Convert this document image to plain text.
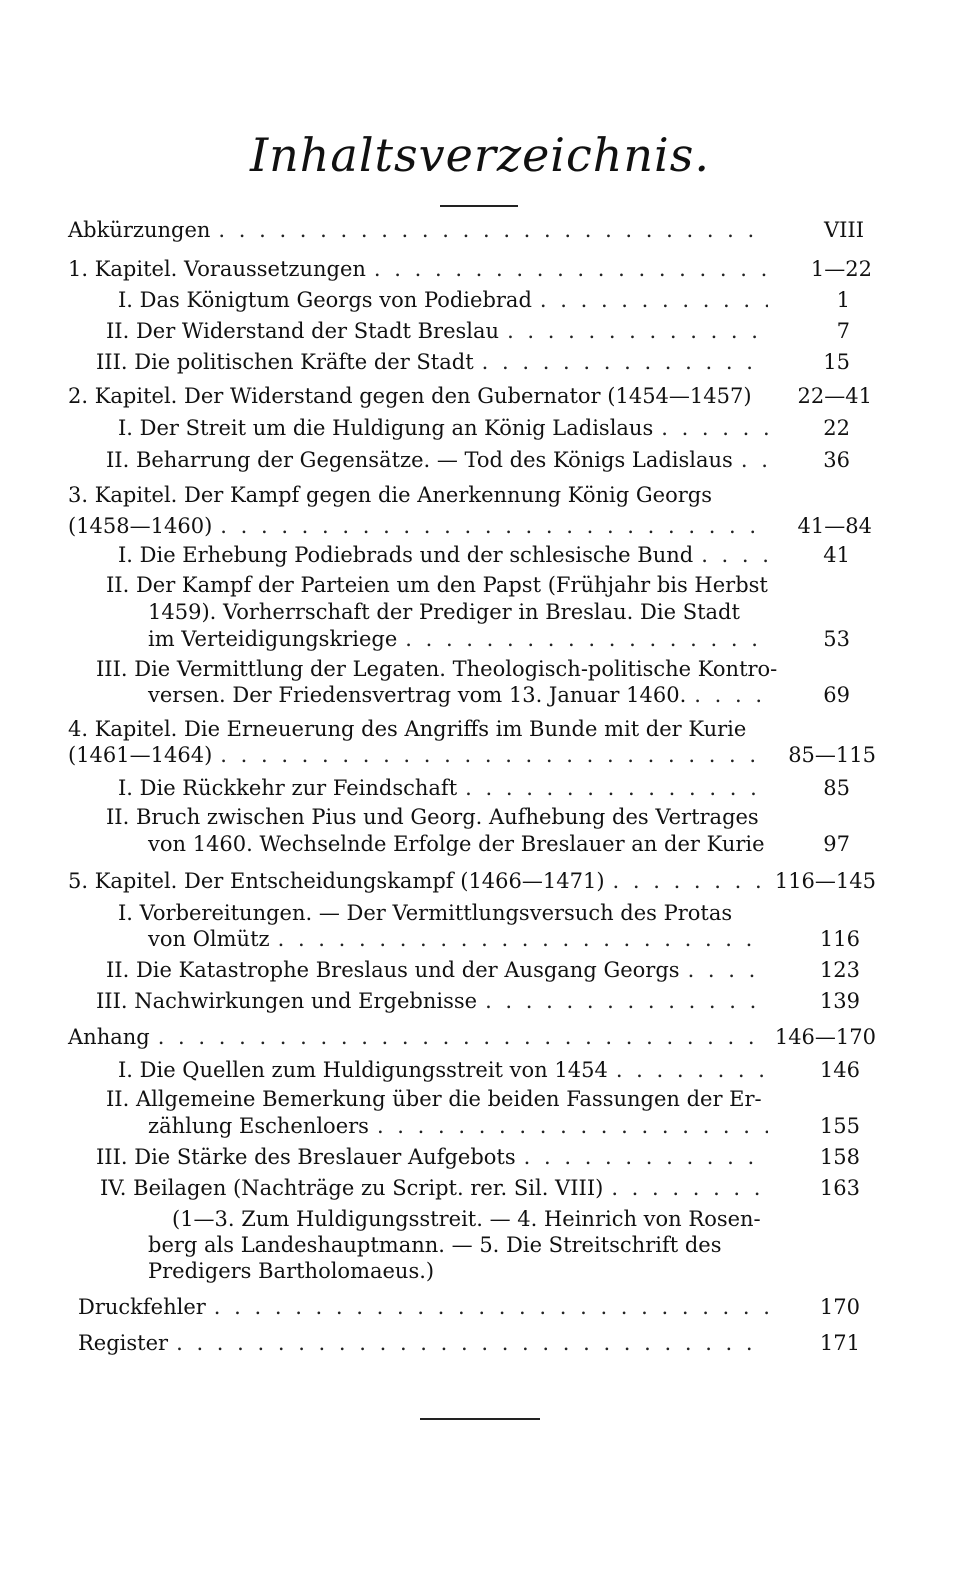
Inhaltsverzeichnis.
Abkürzungen . . .	VIII
1. Kapitel. Voraussetzungen . . .	1—22
I. Das Königtum Georgs von Podiebrad . . .	1
II. Der Widerstand der Stadt Breslau . . .	7
III. Die politischen Kräfte der Stadt . . .	15
2. Kapitel. Der Widerstand gegen den Gubernator (1454—1457) 22—41
I. Der Streit um die Huldigung an König Ladislaus . . .	22
II. Beharrung der Gegensätze. — Tod des Königs Ladislaus . . .	36
3. Kapitel. Der Kampf gegen die Anerkennung König Georgs
(1458—1460) . . .	41—84
I. Die Erhebung Podiebrads und der schlesische Bund . . .	41
II. Der Kampf der Parteien um den Papst (Frühjahr bis Herbst
1459). Vorherrschaft der Prediger in Breslau. Die Stadt
im Verteidigungskriege . . .	53
III. Die Vermittlung der Legaten. Theologisch-politische Kontro-
versen. Der Friedensvertrag vom 13. Januar 1460. . . .	69
4. Kapitel. Die Erneuerung des Angriffs im Bunde mit der Kurie
(1461—1464) . . .	85—115
I. Die Rückkehr zur Feindschaft . . .	85
II. Bruch zwischen Pius und Georg. Aufhebung des Vertrages
von 1460. Wechselnde Erfolge der Breslauer an der Kurie	97
5. Kapitel. Der Entscheidungskampf (1466—1471) . . .	116—145
I. Vorbereitungen. — Der Vermittlungsversuch des Protas
von Olmütz . . .	116
II. Die Katastrophe Breslaus und der Ausgang Georgs . . .	123
III. Nachwirkungen und Ergebnisse . . .	139
Anhang . . .	146—170
I. Die Quellen zum Huldigungsstreit von 1454 . . .	146
II. Allgemeine Bemerkung über die beiden Fassungen der Er-
zählung Eschenloers . . .	155
III. Die Stärke des Breslauer Aufgebots . . .	158
IV. Beilagen (Nachträge zu Script. rer. Sil. VIII) . . .	163
(1—3. Zum Huldigungsstreit. — 4. Heinrich von Rosen-
berg als Landeshauptmann. — 5. Die Streitschrift des
Predigers Bartholomaeus.)
Druckfehler . . .	170
Register . . .	171
